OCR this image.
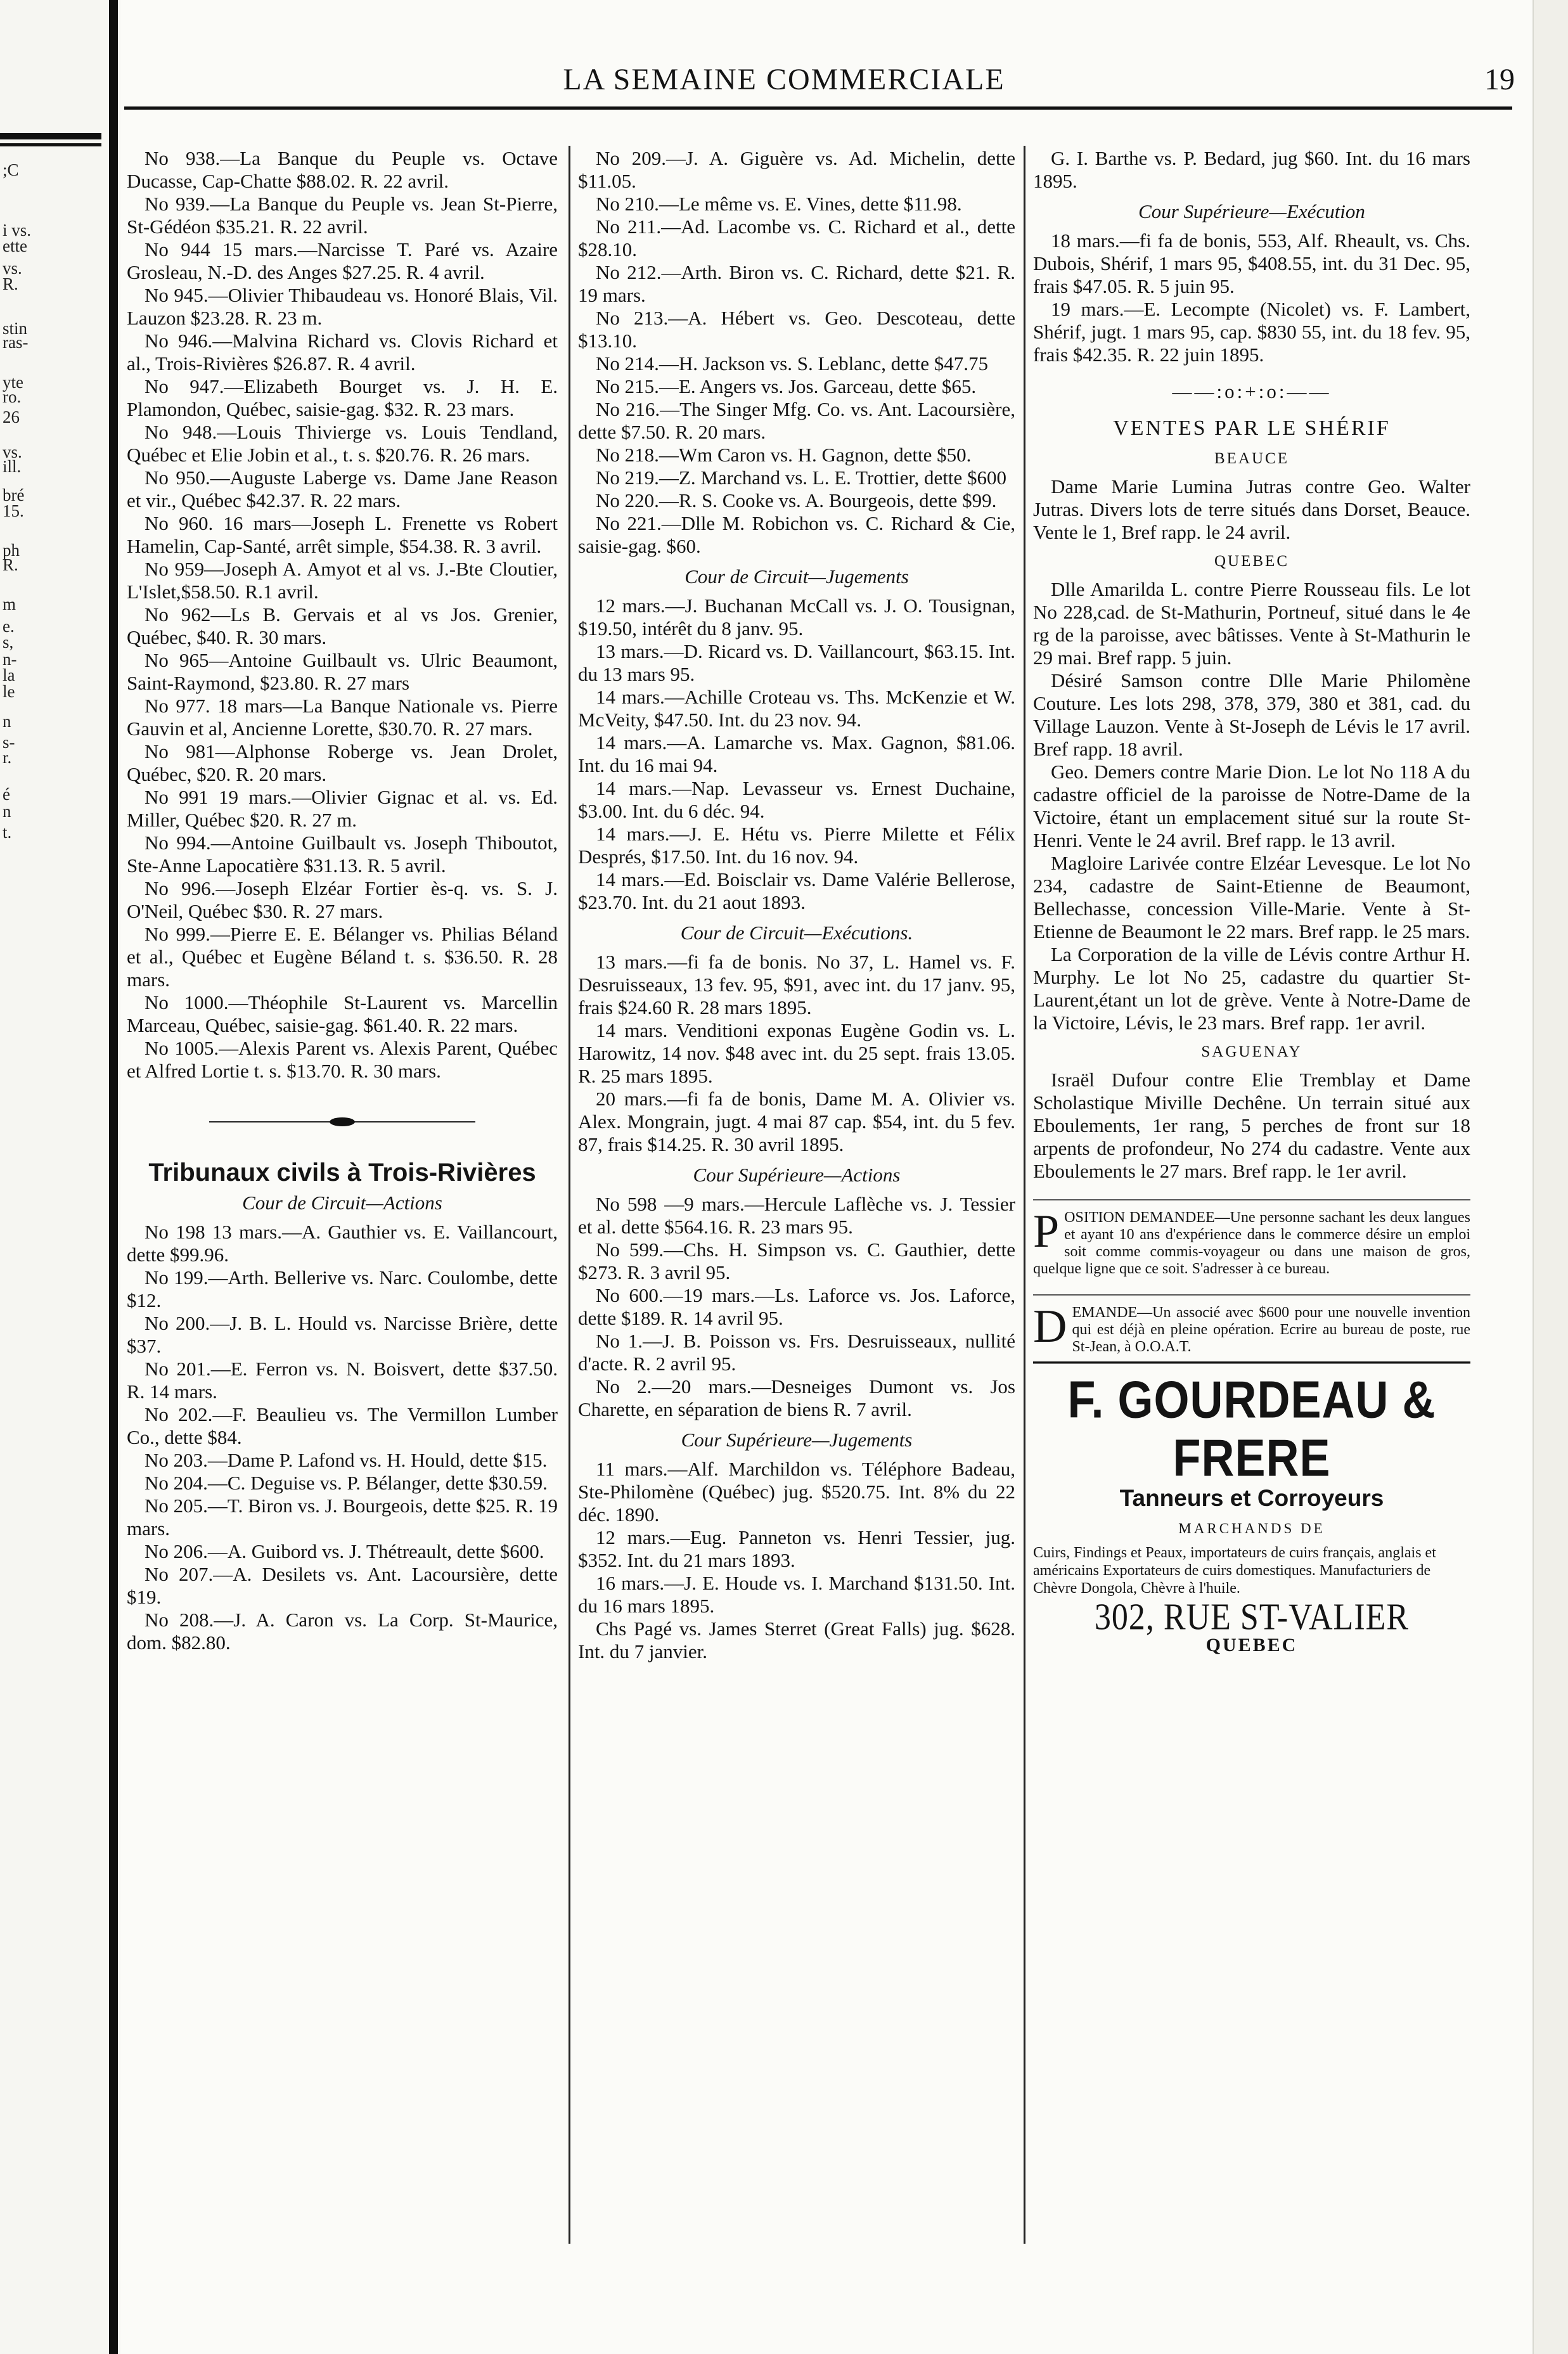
;C
i vs.
ette
vs.
R.
stin
ras-
yte
ro.
26
vs.
ill.
bré
15.
ph
R.
m
e.
s,
n-
la
le
n
s-
r.
é
n
t.
LA SEMAINE COMMERCIALE	19

No 938.—La Banque du Peuple vs. Octave Ducasse, Cap-Chatte $88.02. R. 22 avril.

No 939.—La Banque du Peuple vs. Jean St-Pierre, St-Gédéon $35.21. R. 22 avril.

No 944 15 mars.—Narcisse T. Paré vs. Azaire Grosleau, N.-D. des Anges $27.25. R. 4 avril.

No 945.—Olivier Thibaudeau vs. Honoré Blais, Vil. Lauzon $23.28. R. 23 m.

No 946.—Malvina Richard vs. Clovis Richard et al., Trois-Rivières $26.87. R. 4 avril.

No 947.—Elizabeth Bourget vs. J. H. E. Plamondon, Québec, saisie-gag. $32. R. 23 mars.

No 948.—Louis Thivierge vs. Louis Tendland, Québec et Elie Jobin et al., t. s. $20.76. R. 26 mars.

No 950.—Auguste Laberge vs. Dame Jane Reason et vir., Québec $42.37. R. 22 mars.

No 960. 16 mars—Joseph L. Frenette vs Robert Hamelin, Cap-Santé, arrêt simple, $54.38. R. 3 avril.

No 959—Joseph A. Amyot et al vs. J.-Bte Cloutier, L'Islet,$58.50. R.1 avril.

No 962—Ls B. Gervais et al vs Jos. Grenier, Québec, $40. R. 30 mars.

No 965—Antoine Guilbault vs. Ulric Beaumont, Saint-Raymond, $23.80. R. 27 mars

No 977. 18 mars—La Banque Nationale vs. Pierre Gauvin et al, Ancienne Lorette, $30.70. R. 27 mars.

No 981—Alphonse Roberge vs. Jean Drolet, Québec, $20. R. 20 mars.

No 991 19 mars.—Olivier Gignac et al. vs. Ed. Miller, Québec $20. R. 27 m.

No 994.—Antoine Guilbault vs. Joseph Thiboutot, Ste-Anne Lapocatière $31.13. R. 5 avril.

No 996.—Joseph Elzéar Fortier ès-q. vs. S. J. O'Neil, Québec $30. R. 27 mars.

No 999.—Pierre E. E. Bélanger vs. Philias Béland et al., Québec et Eugène Béland t. s. $36.50. R. 28 mars.

No 1000.—Théophile St-Laurent vs. Marcellin Marceau, Québec, saisie-gag. $61.40. R. 22 mars.

No 1005.—Alexis Parent vs. Alexis Parent, Québec et Alfred Lortie t. s. $13.70. R. 30 mars.

Tribunaux civils à Trois-Rivières
Cour de Circuit—Actions

No 198 13 mars.—A. Gauthier vs. E. Vaillancourt, dette $99.96.

No 199.—Arth. Bellerive vs. Narc. Coulombe, dette $12.

No 200.—J. B. L. Hould vs. Narcisse Brière, dette $37.

No 201.—E. Ferron vs. N. Boisvert, dette $37.50. R. 14 mars.

No 202.—F. Beaulieu vs. The Vermillon Lumber Co., dette $84.

No 203.—Dame P. Lafond vs. H. Hould, dette $15.

No 204.—C. Deguise vs. P. Bélanger, dette $30.59.

No 205.—T. Biron vs. J. Bourgeois, dette $25. R. 19 mars.

No 206.—A. Guibord vs. J. Thétreault, dette $600.

No 207.—A. Desilets vs. Ant. Lacoursière, dette $19.

No 208.—J. A. Caron vs. La Corp. St-Maurice, dom. $82.80.

No 209.—J. A. Giguère vs. Ad. Michelin, dette $11.05.

No 210.—Le même vs. E. Vines, dette $11.98.

No 211.—Ad. Lacombe vs. C. Richard et al., dette $28.10.

No 212.—Arth. Biron vs. C. Richard, dette $21. R. 19 mars.

No 213.—A. Hébert vs. Geo. Descoteau, dette $13.10.

No 214.—H. Jackson vs. S. Leblanc, dette $47.75

No 215.—E. Angers vs. Jos. Garceau, dette $65.

No 216.—The Singer Mfg. Co. vs. Ant. Lacoursière, dette $7.50. R. 20 mars.

No 218.—Wm Caron vs. H. Gagnon, dette $50.

No 219.—Z. Marchand vs. L. E. Trottier, dette $600

No 220.—R. S. Cooke vs. A. Bourgeois, dette $99.

No 221.—Dlle M. Robichon vs. C. Richard & Cie, saisie-gag. $60.

Cour de Circuit—Jugements

12 mars.—J. Buchanan McCall vs. J. O. Tousignan, $19.50, intérêt du 8 janv. 95.

13 mars.—D. Ricard vs. D. Vaillancourt, $63.15. Int. du 13 mars 95.

14 mars.—Achille Croteau vs. Ths. McKenzie et W. McVeity, $47.50. Int. du 23 nov. 94.

14 mars.—A. Lamarche vs. Max. Gagnon, $81.06. Int. du 16 mai 94.

14 mars.—Nap. Levasseur vs. Ernest Duchaine, $3.00. Int. du 6 déc. 94.

14 mars.—J. E. Hétu vs. Pierre Milette et Félix Després, $17.50. Int. du 16 nov. 94.

14 mars.—Ed. Boisclair vs. Dame Valérie Bellerose, $23.70. Int. du 21 aout 1893.

Cour de Circuit—Exécutions.

13 mars.—fi fa de bonis. No 37, L. Hamel vs. F. Desruisseaux, 13 fev. 95, $91, avec int. du 17 janv. 95, frais $24.60 R. 28 mars 1895.

14 mars. Venditioni exponas Eugène Godin vs. L. Harowitz, 14 nov. $48 avec int. du 25 sept. frais 13.05. R. 25 mars 1895.

20 mars.—fi fa de bonis, Dame M. A. Olivier vs. Alex. Mongrain, jugt. 4 mai 87 cap. $54, int. du 5 fev. 87, frais $14.25. R. 30 avril 1895.

Cour Supérieure—Actions

No 598 —9 mars.—Hercule Laflèche vs. J. Tessier et al. dette $564.16. R. 23 mars 95.

No 599.—Chs. H. Simpson vs. C. Gauthier, dette $273. R. 3 avril 95.

No 600.—19 mars.—Ls. Laforce vs. Jos. Laforce, dette $189. R. 14 avril 95.

No 1.—J. B. Poisson vs. Frs. Desruisseaux, nullité d'acte. R. 2 avril 95.

No 2.—20 mars.—Desneiges Dumont vs. Jos Charette, en séparation de biens R. 7 avril.

Cour Supérieure—Jugements

11 mars.—Alf. Marchildon vs. Téléphore Badeau, Ste-Philomène (Québec) jug. $520.75. Int. 8% du 22 déc. 1890.

12 mars.—Eug. Panneton vs. Henri Tessier, jug. $352. Int. du 21 mars 1893.

16 mars.—J. E. Houde vs. I. Marchand $131.50. Int. du 16 mars 1895.

Chs Pagé vs. James Sterret (Great Falls) jug. $628. Int. du 7 janvier.

G. I. Barthe vs. P. Bedard, jug $60. Int. du 16 mars 1895.

Cour Supérieure—Exécution

18 mars.—fi fa de bonis, 553, Alf. Rheault, vs. Chs. Dubois, Shérif, 1 mars 95, $408.55, int. du 31 Dec. 95, frais $47.05. R. 5 juin 95.

19 mars.—E. Lecompte (Nicolet) vs. F. Lambert, Shérif, jugt. 1 mars 95, cap. $830 55, int. du 18 fev. 95, frais $42.35. R. 22 juin 1895.

——:o:+:o:——
VENTES PAR LE SHÉRIF
BEAUCE

Dame Marie Lumina Jutras contre Geo. Walter Jutras. Divers lots de terre situés dans Dorset, Beauce. Vente le 1, Bref rapp. le 24 avril.

QUEBEC

Dlle Amarilda L. contre Pierre Rousseau fils. Le lot No 228,cad. de St-Mathurin, Portneuf, situé dans le 4e rg de la paroisse, avec bâtisses. Vente à St-Mathurin le 29 mai. Bref rapp. 5 juin.

Désiré Samson contre Dlle Marie Philomène Couture. Les lots 298, 378, 379, 380 et 381, cad. du Village Lauzon. Vente à St-Joseph de Lévis le 17 avril. Bref rapp. 18 avril.

Geo. Demers contre Marie Dion. Le lot No 118 A du cadastre officiel de la paroisse de Notre-Dame de la Victoire, étant un emplacement situé sur la route St-Henri. Vente le 24 avril. Bref rapp. le 13 avril.

Magloire Larivée contre Elzéar Levesque. Le lot No 234, cadastre de Saint-Etienne de Beaumont, Bellechasse, concession Ville-Marie. Vente à St-Etienne de Beaumont le 22 mars. Bref rapp. le 25 mars.

La Corporation de la ville de Lévis contre Arthur H. Murphy. Le lot No 25, cadastre du quartier St-Laurent,étant un lot de grève. Vente à Notre-Dame de la Victoire, Lévis, le 23 mars. Bref rapp. 1er avril.

SAGUENAY

Israël Dufour contre Elie Tremblay et Dame Scholastique Miville Dechêne. Un terrain situé aux Eboulements, 1er rang, 5 perches de front sur 18 arpents de profondeur, No 274 du cadastre. Vente aux Eboulements le 27 mars. Bref rapp. le 1er avril.

P OSITION DEMANDEE—Une personne sachant les deux langues et ayant 10 ans d'expérience dans le commerce désire un emploi soit comme commis-voyageur ou dans une maison de gros, quelque ligne que ce soit. S'adresser à ce bureau.
D EMANDE—Un associé avec $600 pour une nouvelle invention qui est déjà en pleine opération. Ecrire au bureau de poste, rue St-Jean, à O.O.A.T.
F. GOURDEAU & FRERE
Tanneurs et Corroyeurs
MARCHANDS DE
Cuirs, Findings et Peaux, importateurs de cuirs français, anglais et américains Exportateurs de cuirs domestiques. Manufacturiers de Chèvre Dongola, Chèvre à l'huile.
302, RUE ST-VALIER
QUEBEC
